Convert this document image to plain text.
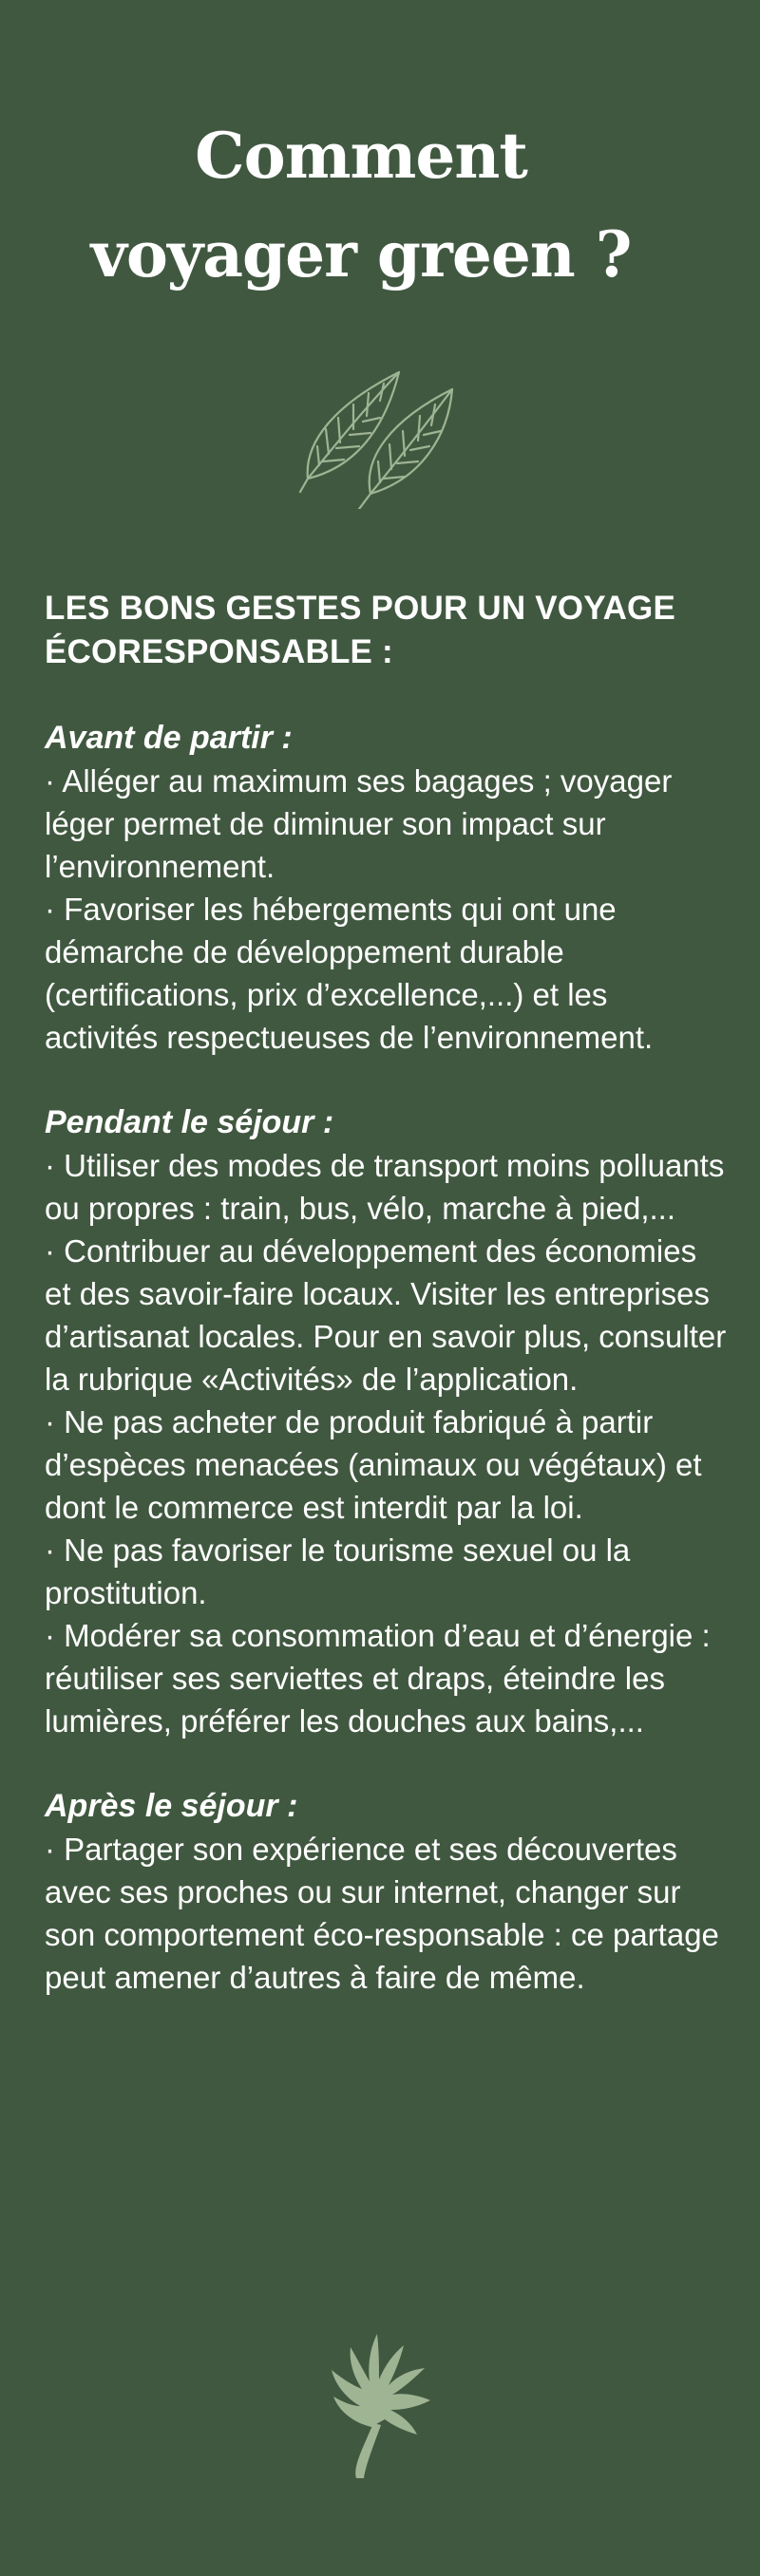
Comment
voyager green ?

LES BONS GESTES POUR UN VOYAGE ÉCORESPONSABLE :

Avant de partir :

· Alléger au maximum ses bagages ; voyager léger permet de diminuer son impact sur l’environnement.

· Favoriser les hébergements qui ont une démarche de développement durable (certifications, prix d’excellence,...) et les activités respectueuses de l’environnement.

Pendant le séjour :

· Utiliser des modes de transport moins polluants ou propres : train, bus, vélo, marche à pied,...

· Contribuer au développement des économies et des savoir-faire locaux. Visiter les entreprises d’artisanat locales. Pour en savoir plus, consulter la rubrique «Activités» de l’application.

· Ne pas acheter de produit fabriqué à partir d’espèces menacées (animaux ou végétaux) et dont le commerce est interdit par la loi.

· Ne pas favoriser le tourisme sexuel ou la prostitution.

· Modérer sa consommation d’eau et d’énergie : réutiliser ses serviettes et draps, éteindre les lumières, préférer les douches aux bains,...

Après le séjour :

· Partager son expérience et ses découvertes avec ses proches ou sur internet, changer sur son comportement éco-responsable : ce partage peut amener d’autres à faire de même.
